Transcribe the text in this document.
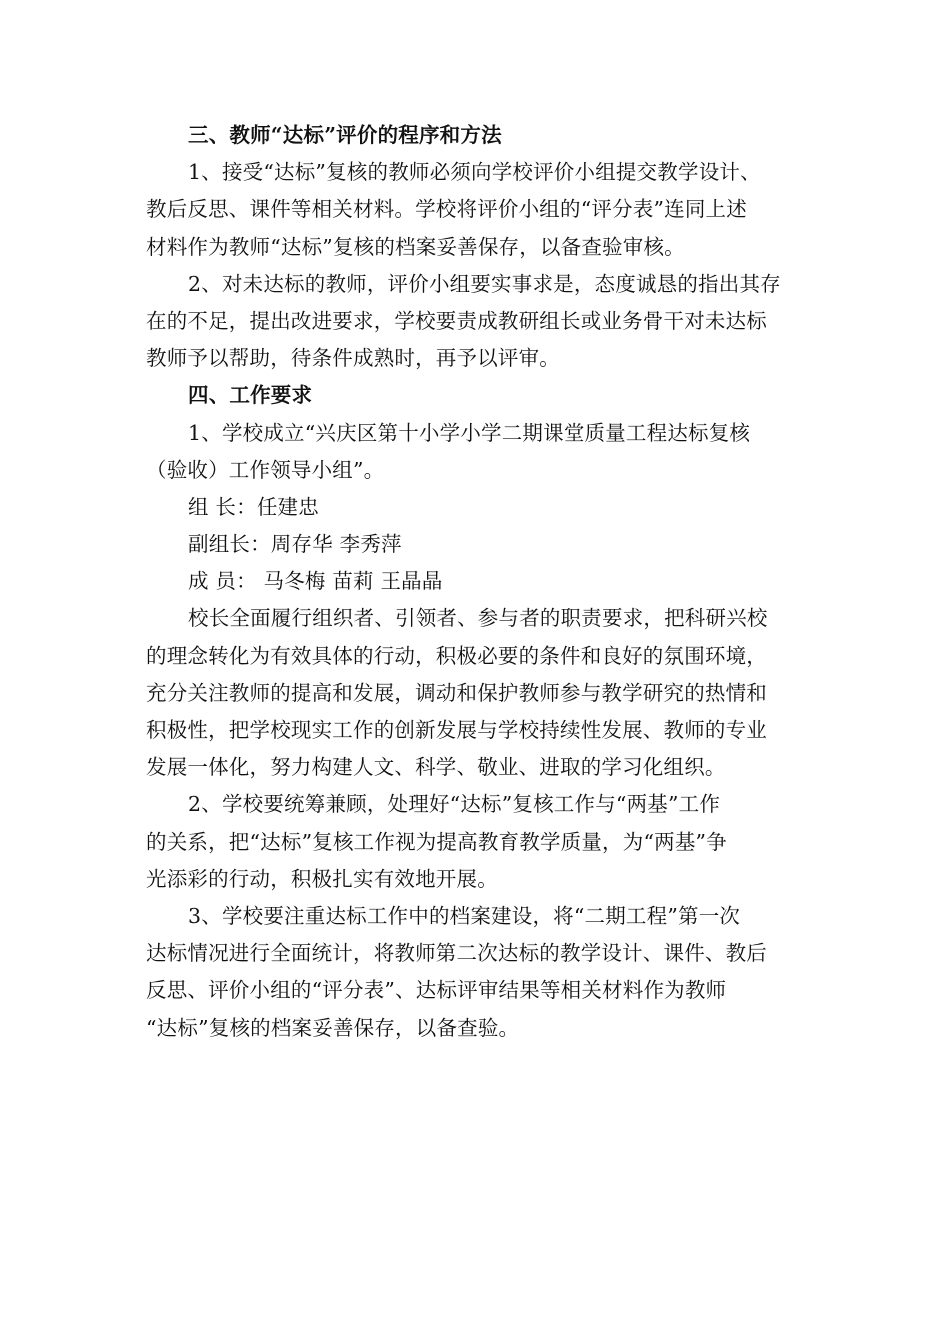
三、教师“达标”评价的程序和方法
1、接受“达标”复核的教师必须向学校评价小组提交教学设计、
教后反思、课件等相关材料。学校将评价小组的“评分表”连同上述
材料作为教师“达标”复核的档案妥善保存，以备查验审核。
2、对未达标的教师，评价小组要实事求是，态度诚恳的指出其存
在的不足，提出改进要求，学校要责成教研组长或业务骨干对未达标
教师予以帮助，待条件成熟时，再予以评审。
四、工作要求
1、学校成立“兴庆区第十小学小学二期课堂质量工程达标复核
（验收）工作领导小组”。
组 长：任建忠
副组长：周存华 李秀萍
成 员： 马冬梅 苗莉 王晶晶
校长全面履行组织者、引领者、参与者的职责要求，把科研兴校
的理念转化为有效具体的行动，积极必要的条件和良好的氛围环境，
充分关注教师的提高和发展，调动和保护教师参与教学研究的热情和
积极性，把学校现实工作的创新发展与学校持续性发展、教师的专业
发展一体化，努力构建人文、科学、敬业、进取的学习化组织。
2、学校要统筹兼顾，处理好“达标”复核工作与“两基”工作
的关系，把“达标”复核工作视为提高教育教学质量，为“两基”争
光添彩的行动，积极扎实有效地开展。
3、学校要注重达标工作中的档案建设，将“二期工程”第一次
达标情况进行全面统计，将教师第二次达标的教学设计、课件、教后
反思、评价小组的“评分表”、达标评审结果等相关材料作为教师
“达标”复核的档案妥善保存，以备查验。
